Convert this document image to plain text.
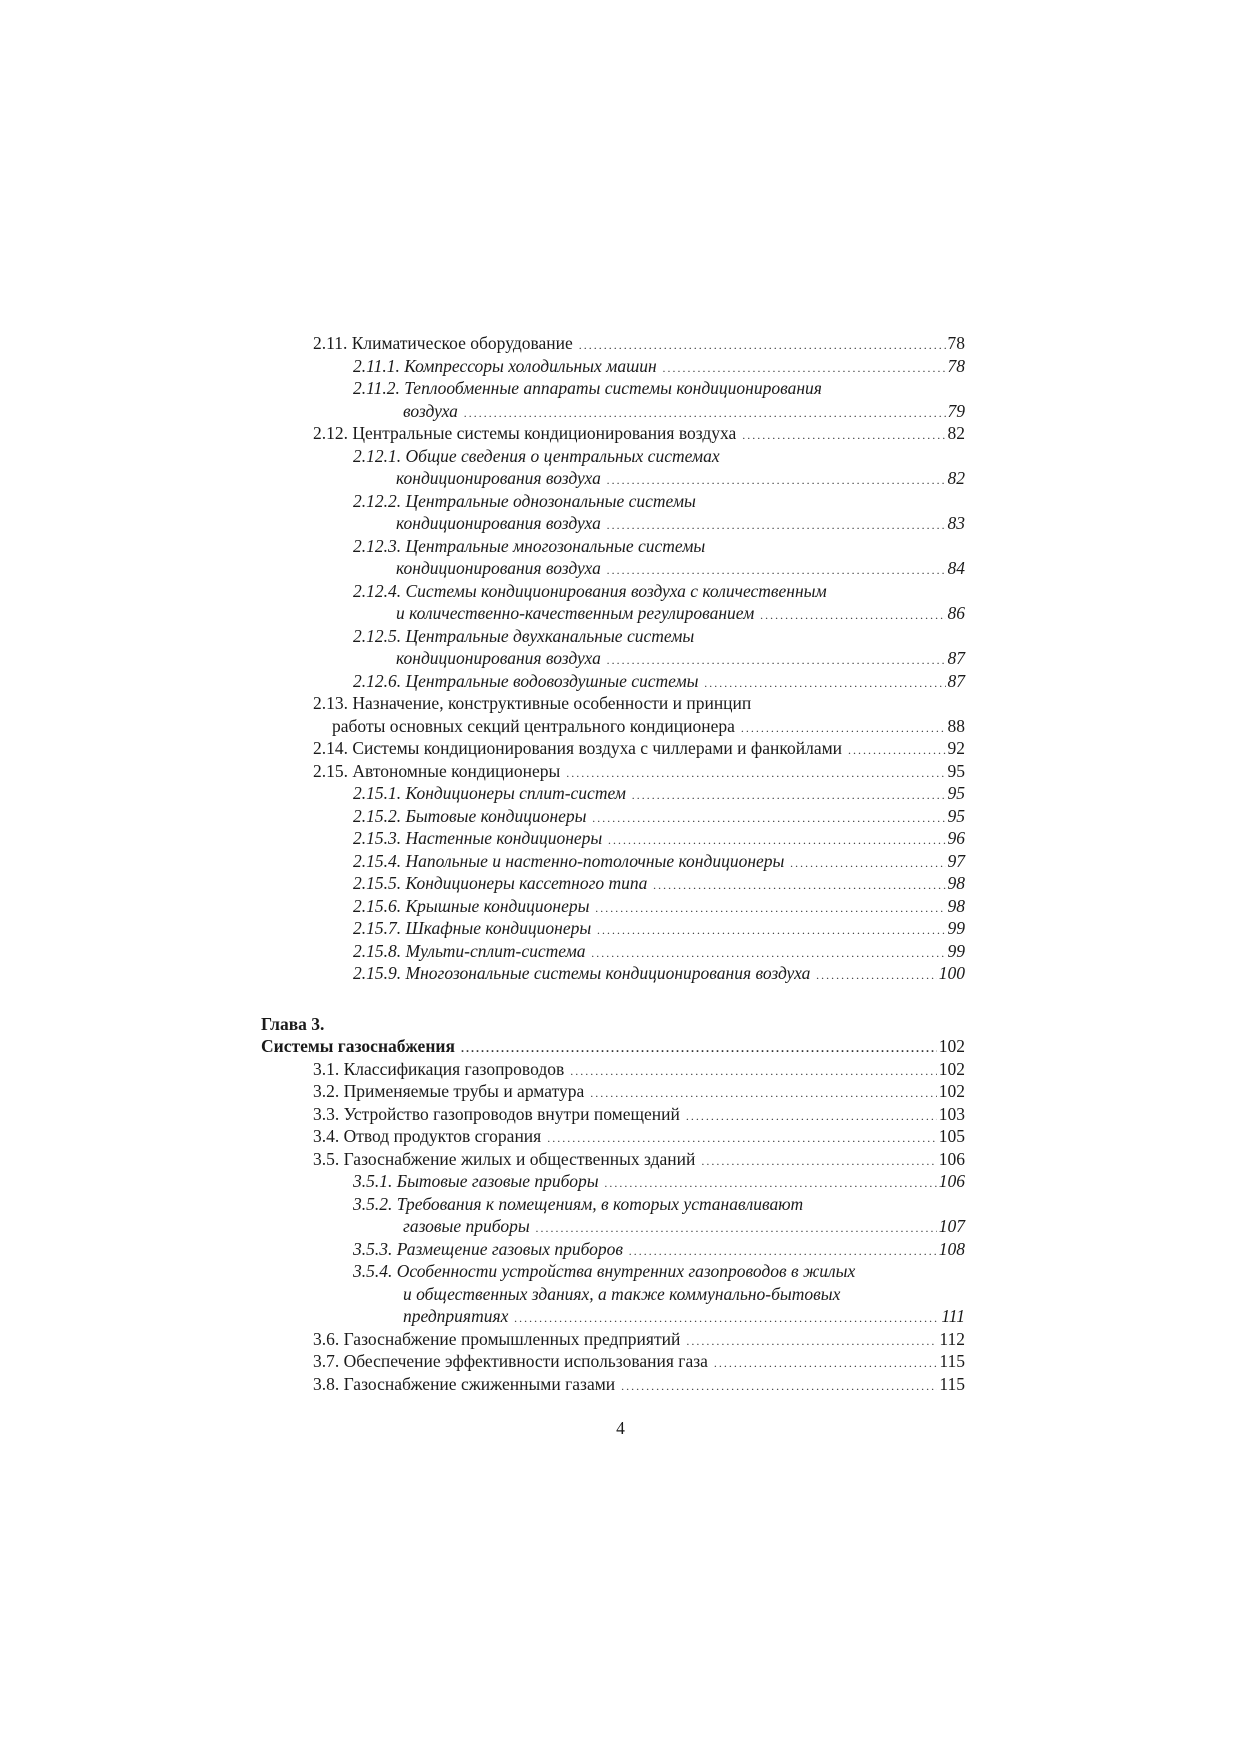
2.11. Климатическое оборудование .....	78
2.11.1. Компрессоры холодильных машин .....	78
2.11.2. Теплообменные аппараты системы кондиционирования
воздуха .....	79
2.12. Центральные системы кондиционирования воздуха .....	82
2.12.1. Общие сведения о центральных системах
кондиционирования воздуха .....	82
2.12.2. Центральные однозональные системы
кондиционирования воздуха .....	83
2.12.3. Центральные многозональные системы
кондиционирования воздуха .....	84
2.12.4. Системы кондиционирования воздуха с количественным
и количественно-качественным регулированием .....	86
2.12.5. Центральные двухканальные системы
кондиционирования воздуха .....	87
2.12.6. Центральные водовоздушные системы .....	87
2.13. Назначение, конструктивные особенности и принцип
работы основных секций центрального кондиционера .....	88
2.14. Системы кондиционирования воздуха с чиллерами и фанкойлами .....	92
2.15. Автономные кондиционеры .....	95
2.15.1. Кондиционеры сплит-систем .....	95
2.15.2. Бытовые кондиционеры .....	95
2.15.3. Настенные кондиционеры .....	96
2.15.4. Напольные и настенно-потолочные кондиционеры .....	97
2.15.5. Кондиционеры кассетного типа .....	98
2.15.6. Крышные кондиционеры .....	98
2.15.7. Шкафные кондиционеры .....	99
2.15.8. Мульти-сплит-система .....	99
2.15.9. Многозональные системы кондиционирования воздуха .....	100
Глава 3.
Системы газоснабжения .....	102
3.1. Классификация газопроводов .....	102
3.2. Применяемые трубы и арматура .....	102
3.3. Устройство газопроводов внутри помещений .....	103
3.4. Отвод продуктов сгорания .....	105
3.5. Газоснабжение жилых и общественных зданий .....	106
3.5.1. Бытовые газовые приборы .....	106
3.5.2. Требования к помещениям, в которых устанавливают
газовые приборы .....	107
3.5.3. Размещение газовых приборов .....	108
3.5.4. Особенности устройства внутренних газопроводов в жилых
и общественных зданиях, а также коммунально-бытовых
предприятиях .....	111
3.6. Газоснабжение промышленных предприятий .....	112
3.7. Обеспечение эффективности использования газа .....	115
3.8. Газоснабжение сжиженными газами .....	115
4
